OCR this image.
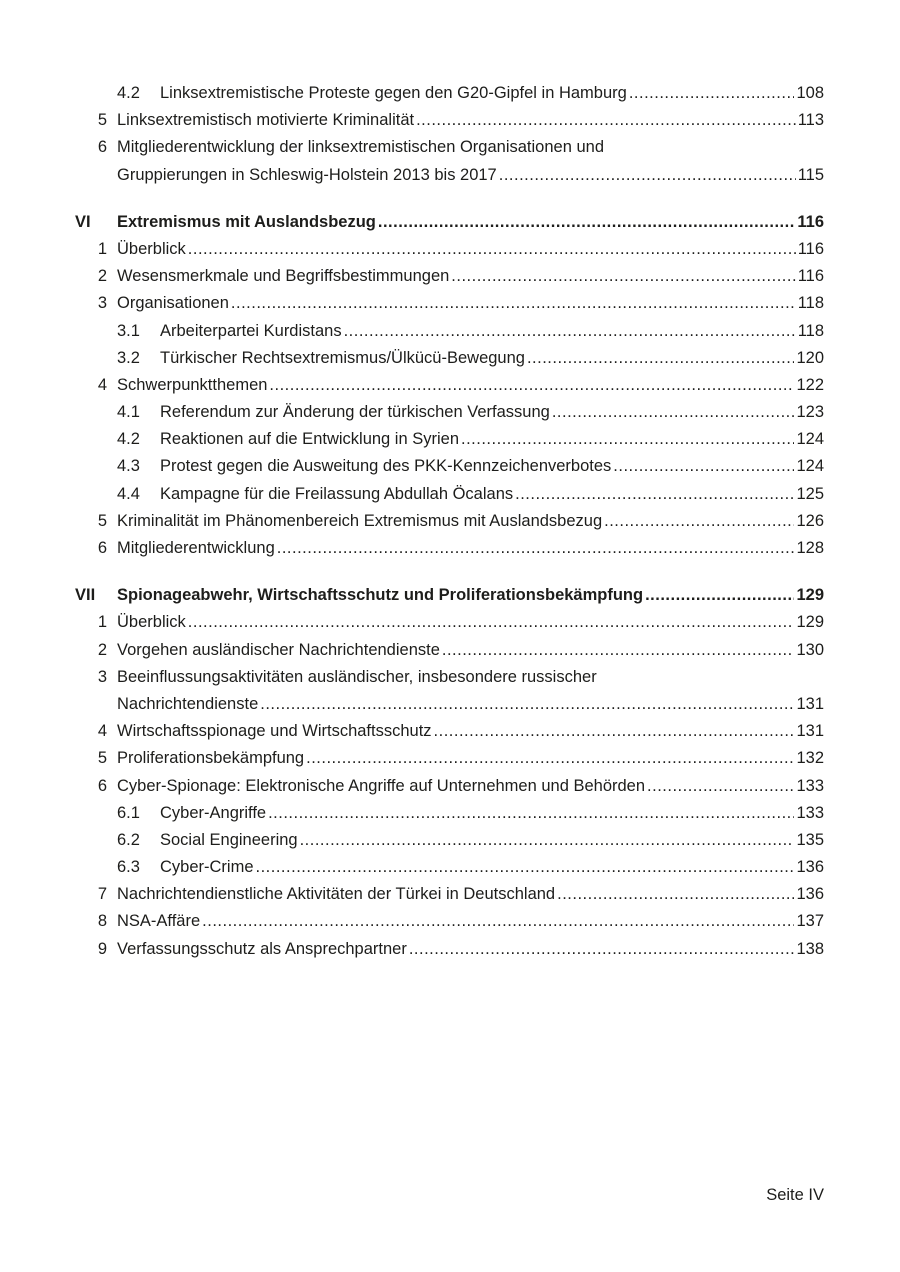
4.2	Linksextremistische Proteste gegen den G20-Gipfel in Hamburg .....	108
5 Linksextremistisch motivierte Kriminalität .....	113
6 Mitgliederentwicklung der linksextremistischen Organisationen und
Gruppierungen in Schleswig-Holstein 2013 bis 2017 .....	115
VI	Extremismus mit Auslandsbezug .....	116
1 Überblick .....	116
2 Wesensmerkmale und Begriffsbestimmungen .....	116
3 Organisationen .....	118
3.1	Arbeiterpartei Kurdistans .....	118
3.2	Türkischer Rechtsextremismus/Ülkücü-Bewegung .....	120
4 Schwerpunktthemen .....	122
4.1	Referendum zur Änderung der türkischen Verfassung .....	123
4.2	Reaktionen auf die Entwicklung in Syrien .....	124
4.3	Protest gegen die Ausweitung des PKK-Kennzeichenverbotes .....	124
4.4	Kampagne für die Freilassung Abdullah Öcalans .....	125
5 Kriminalität im Phänomenbereich Extremismus mit Auslandsbezug .....	126
6 Mitgliederentwicklung .....	128
VII	Spionageabwehr, Wirtschaftsschutz und Proliferationsbekämpfung .....	129
1 Überblick .....	129
2 Vorgehen ausländischer Nachrichtendienste .....	130
3 Beeinflussungsaktivitäten ausländischer, insbesondere russischer
Nachrichtendienste .....	131
4 Wirtschaftsspionage und Wirtschaftsschutz .....	131
5 Proliferationsbekämpfung .....	132
6 Cyber-Spionage: Elektronische Angriffe auf Unternehmen und Behörden .....	133
6.1	Cyber-Angriffe .....	133
6.2	Social Engineering .....	135
6.3	Cyber-Crime .....	136
7 Nachrichtendienstliche Aktivitäten der Türkei in Deutschland .....	136
8 NSA-Affäre .....	137
9 Verfassungsschutz als Ansprechpartner .....	138
Seite IV
